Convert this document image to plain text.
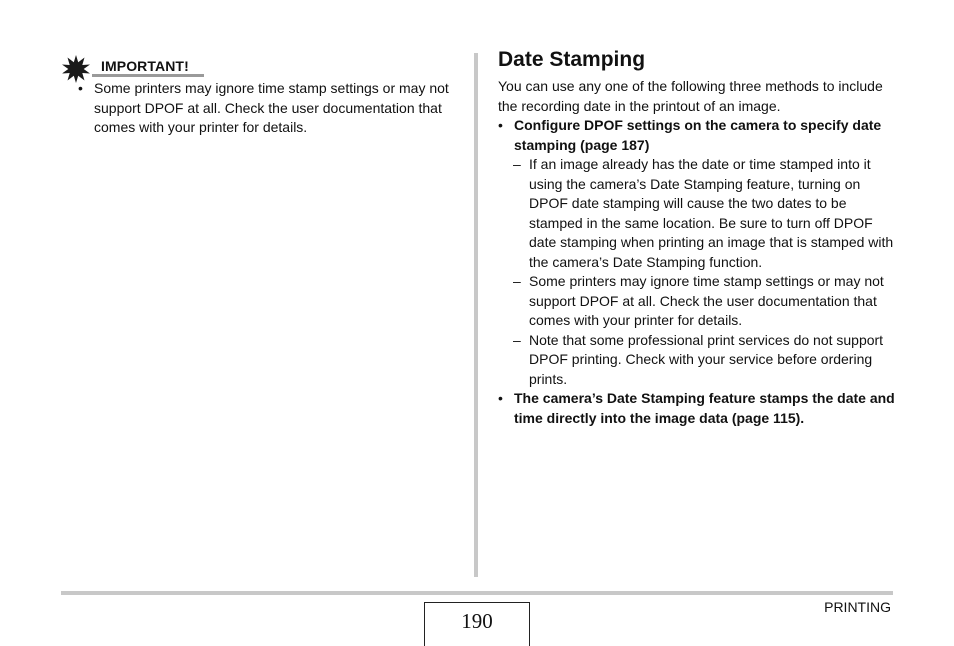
IMPORTANT!
• Some printers may ignore time stamp settings or may not support DPOF at all. Check the user documentation that comes with your printer for details.
Date Stamping
You can use any one of the following three methods to include the recording date in the printout of an image.
• Configure DPOF settings on the camera to specify date stamping (page 187)
– If an image already has the date or time stamped into it using the camera’s Date Stamping feature, turning on DPOF date stamping will cause the two dates to be stamped in the same location. Be sure to turn off DPOF date stamping when printing an image that is stamped with the camera’s Date Stamping function.
– Some printers may ignore time stamp settings or may not support DPOF at all. Check the user documentation that comes with your printer for details.
– Note that some professional print services do not support DPOF printing. Check with your service before ordering prints.
• The camera’s Date Stamping feature stamps the date and time directly into the image data (page 115).
PRINTING
190
